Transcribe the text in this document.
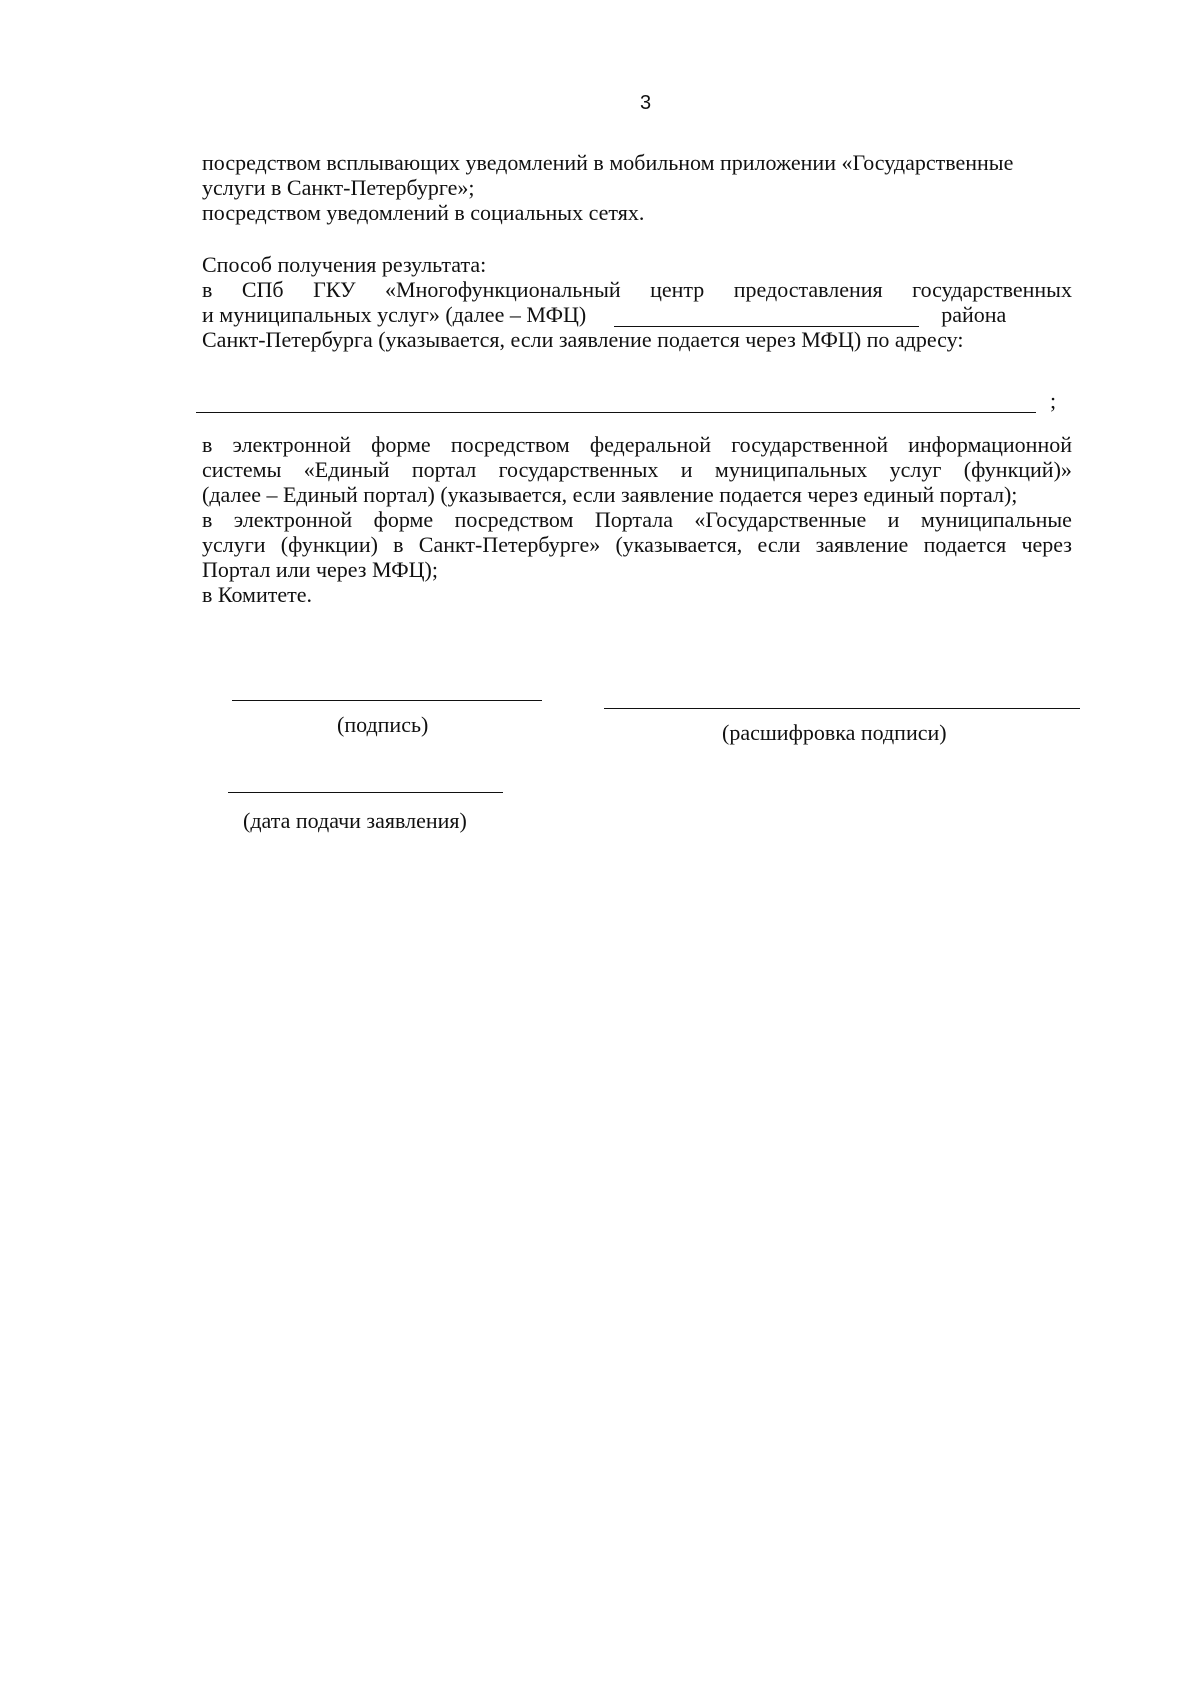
3
посредством всплывающих уведомлений в мобильном приложении «Государственные
услуги в Санкт-Петербурге»;
посредством уведомлений в социальных сетях.
Способ получения результата:
в СПб ГКУ «Многофункциональный центр предоставления государственных
и муниципальных услуг» (далее – МФЦ)	района
Санкт-Петербурга (указывается, если заявление подается через МФЦ) по адресу:
;
в электронной форме посредством федеральной государственной информационной
системы «Единый портал государственных и муниципальных услуг (функций)»
(далее – Единый портал) (указывается, если заявление подается через единый портал);
в электронной форме посредством Портала «Государственные и муниципальные
услуги (функции) в Санкт-Петербурге» (указывается, если заявление подается через
Портал или через МФЦ);
в Комитете.
(подпись)	(расшифровка подписи)
(дата подачи заявления)
